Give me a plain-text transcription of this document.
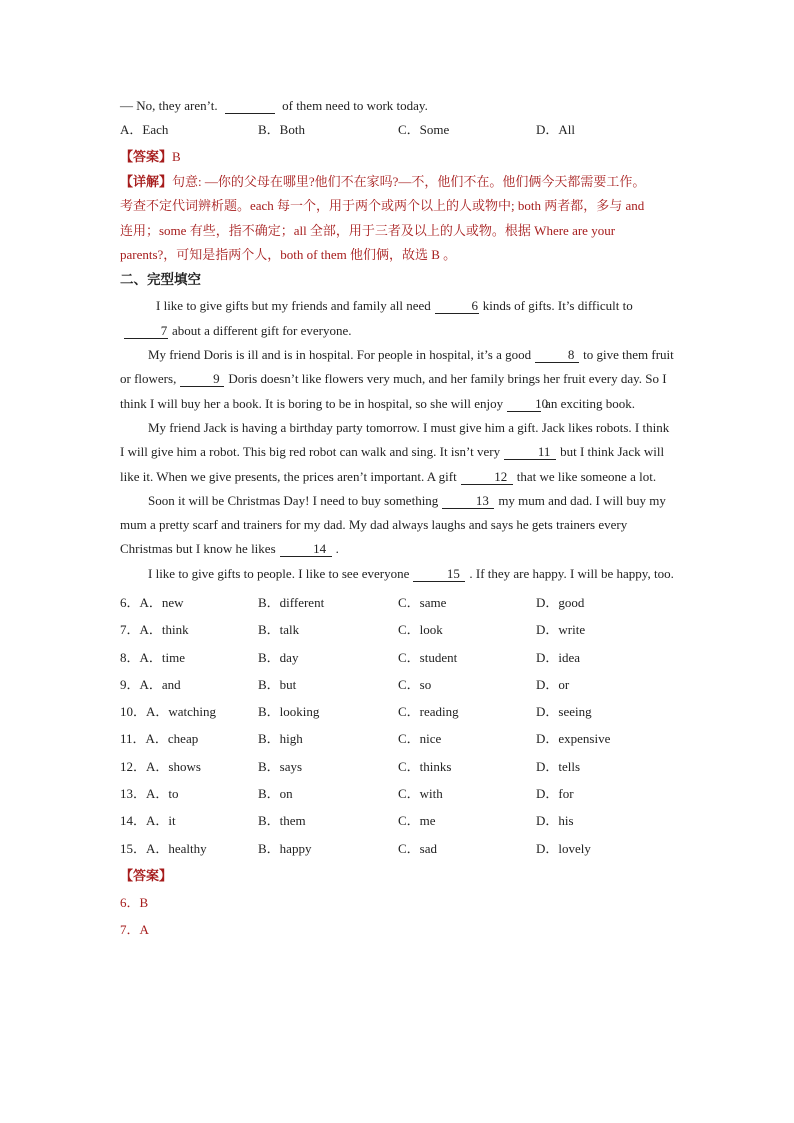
— No, they aren’t.	of them need to work today.
A．Each	B．Both	C．Some	D．All
【答案】B
【详解】句意: —你的父母在哪里?他们不在家吗?—不，他们不在。他们俩今天都需要工作。
考查不定代词辨析题。each 每一个，用于两个或两个以上的人或物中; both 两者都，多与 and
连用；some 有些，指不确定；all 全部，用于三者及以上的人或物。根据 Where are your
parents?，可知是指两个人，both of them 他们俩，故选 B 。
二、完型填空

I like to give gifts but my friends and family all need	6 kinds of gifts. It’s difficult to7 about a different gift for everyone.

My friend Doris is ill and is in hospital. For people in hospital, it’s a good	8 to give them fruit or flowers,	9 Doris doesn’t like flowers very much, and her family brings her fruit every day. So I think I will buy her a book. It is boring to be in hospital, so she will enjoy 10an exciting book.

My friend Jack is having a birthday party tomorrow. I must give him a gift. Jack likes robots. I think I will give him a robot. This big red robot can walk and sing. It isn’t very	11 but I think Jack will like it. When we give presents, the prices aren’t important. A gift	12 that we like someone a lot.

Soon it will be Christmas Day! I need to buy something	13 my mum and dad. I will buy my mum a pretty scarf and trainers for my dad. My dad always laughs and says he gets trainers every Christmas but I know he likes	14 .

I like to give gifts to people. I like to see everyone	15 . If they are happy. I will be happy, too.

6．A．new	B．different	C．same	D．good
7．A．think	B．talk	C．look	D．write
8．A．time	B．day	C．student	D．idea
9．A．and	B．but	C．so	D．or
10．A．watching	B．looking	C．reading	D．seeing
11．A．cheap	B．high	C．nice	D．expensive
12．A．shows	B．says	C．thinks	D．tells
13．A．to	B．on	C．with	D．for
14．A．it	B．them	C．me	D．his
15．A．healthy	B．happy	C．sad	D．lovely
【答案】
6．B
7．A
